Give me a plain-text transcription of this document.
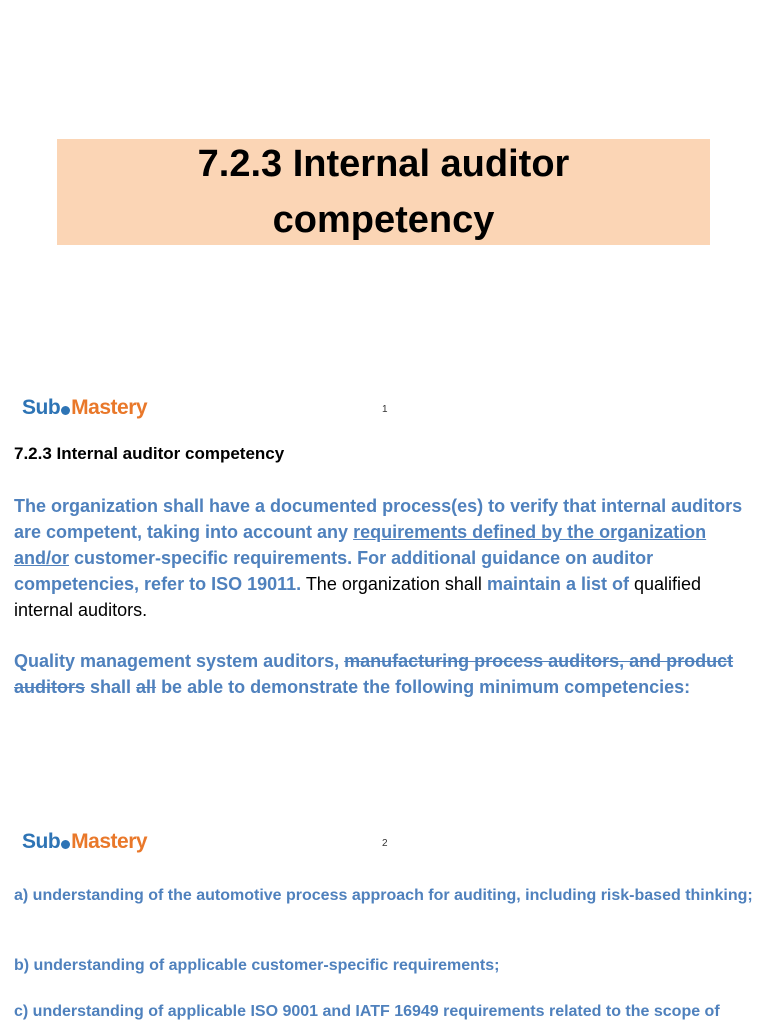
7.2.3 Internal auditor competency
Sub Mastery	1
7.2.3 Internal auditor competency
The organization shall have a documented process(es) to verify that internal auditors are competent, taking into account any requirements defined by the organization and/or customer-specific requirements. For additional guidance on auditor competencies, refer to ISO 19011. The organization shall maintain a list of qualified internal auditors.
Quality management system auditors, manufacturing process auditors, and product auditors shall all be able to demonstrate the following minimum competencies:
Sub Mastery	2
a) understanding of the automotive process approach for auditing, including risk-based thinking;
b) understanding of applicable customer-specific requirements;
c) understanding of applicable ISO 9001 and IATF 16949 requirements related to the scope of
